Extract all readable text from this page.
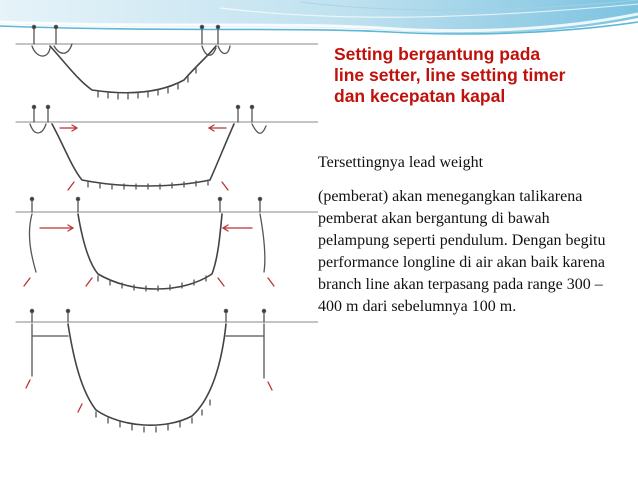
Setting bergantung pada line setter, line setting timer dan kecepatan kapal

Tersettingnya lead weight

(pemberat) akan menegangkan talikarena pemberat akan bergantung di bawah pelampung seperti pendulum. Dengan begitu performance longline di air akan baik karena branch line akan terpasang pada range 300 – 400 m dari sebelumnya 100 m.
